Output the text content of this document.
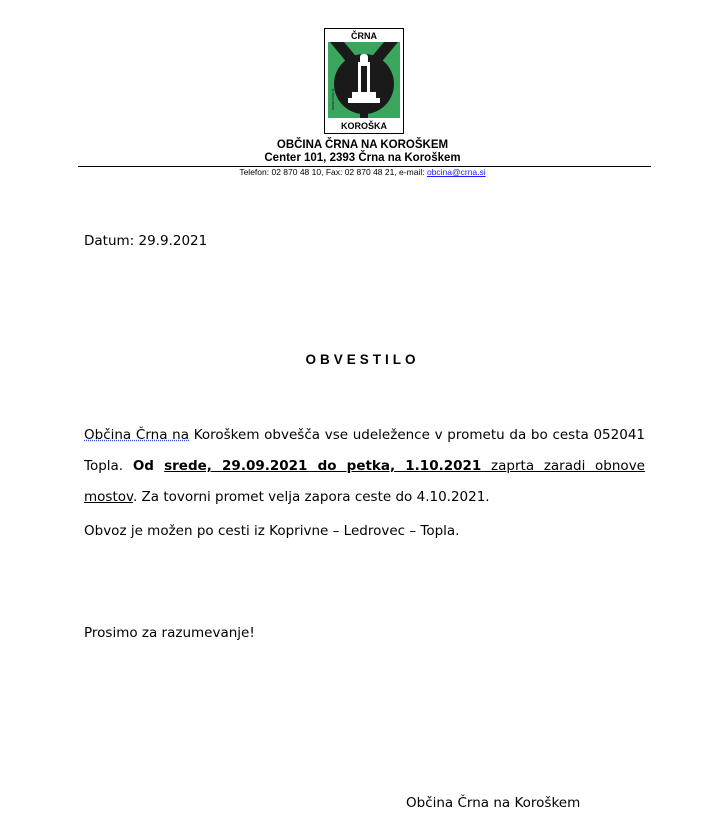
ČRNA
KOROŠKA
www.crna.si
OBČINA ČRNA NA KOROŠKEM
Center 101, 2393 Črna na Koroškem
Telefon: 02 870 48 10, Fax: 02 870 48 21, e-mail: obcina@crna.si
Datum: 29.9.2021
OBVESTILO
Občina Črna na Koroškem obvešča vse udeležence v prometu da bo cesta 052041 Topla. Od srede, 29.09.2021 do petka, 1.10.2021 zaprta zaradi obnove mostov. Za tovorni promet velja zapora ceste do 4.10.2021.
Obvoz je možen po cesti iz Koprivne – Ledrovec – Topla.
Prosimo za razumevanje!
Občina Črna na Koroškem
